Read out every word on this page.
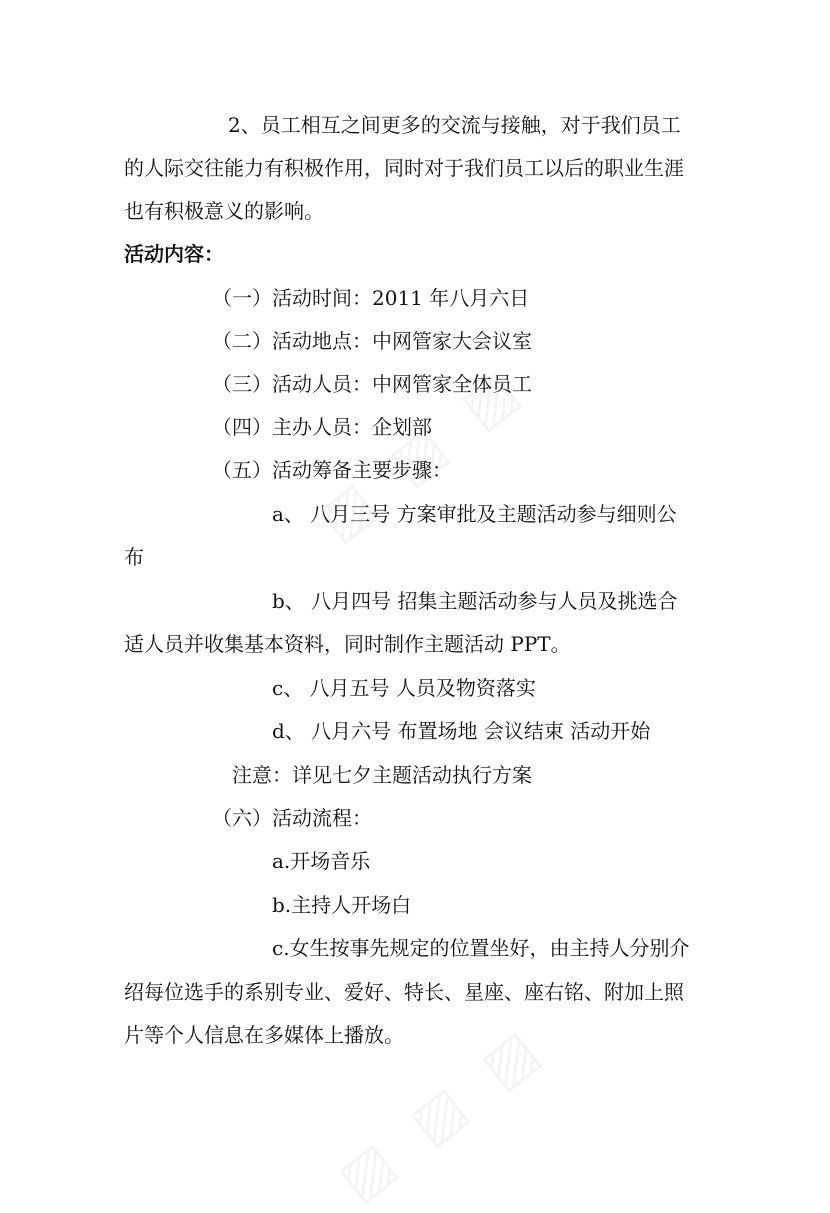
2、员工相互之间更多的交流与接触，对于我们员工
的人际交往能力有积极作用，同时对于我们员工以后的职业生涯
也有积极意义的影响。
活动内容：
（一）活动时间：2011 年八月六日
（二）活动地点：中网管家大会议室
（三）活动人员：中网管家全体员工
（四）主办人员：企划部
（五）活动筹备主要步骤：
a、 八月三号 方案审批及主题活动参与细则公
布
b、 八月四号 招集主题活动参与人员及挑选合
适人员并收集基本资料，同时制作主题活动 PPT。
c、 八月五号 人员及物资落实
d、 八月六号 布置场地 会议结束 活动开始
注意：详见七夕主题活动执行方案
（六）活动流程：
a.开场音乐
b.主持人开场白
c.女生按事先规定的位置坐好，由主持人分别介
绍每位选手的系别专业、爱好、特长、星座、座右铭、附加上照
片等个人信息在多媒体上播放。
